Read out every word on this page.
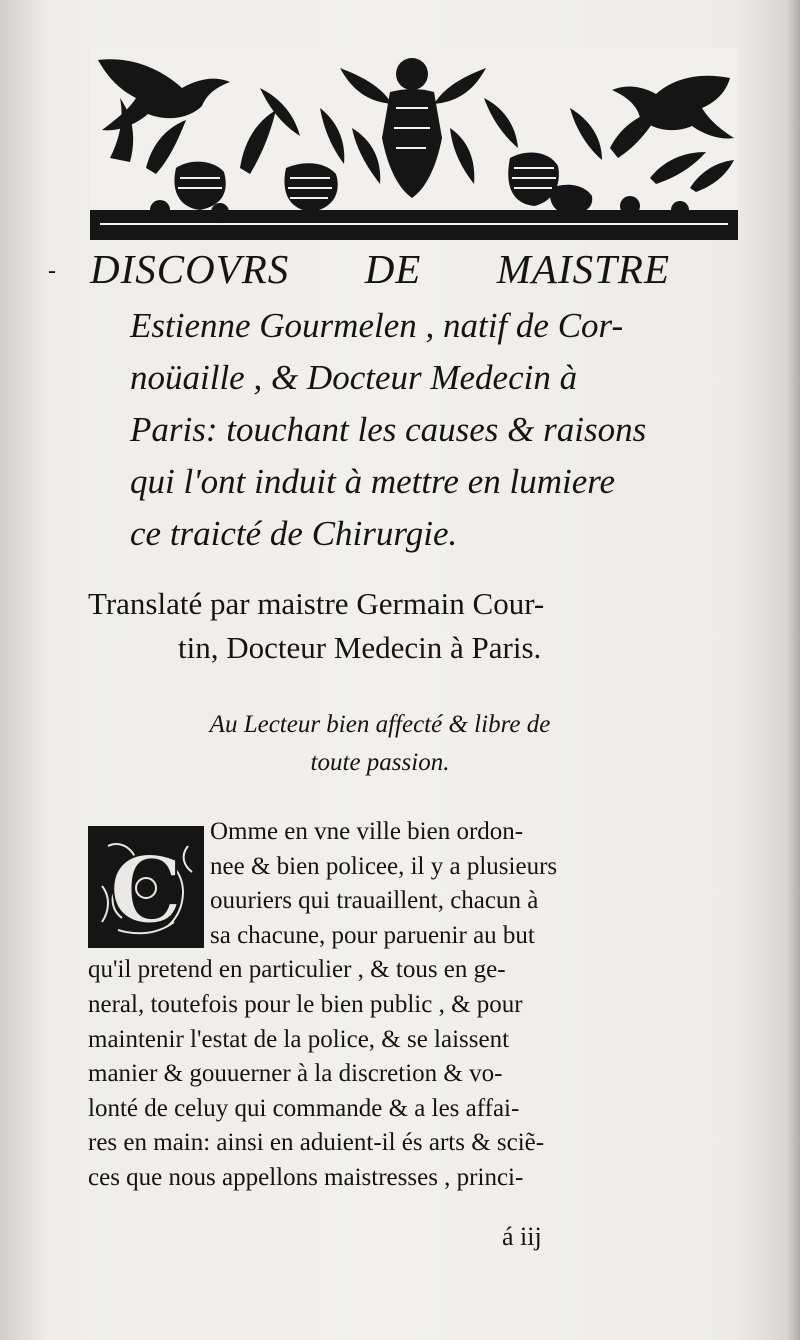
- DISCOVRS DE MAISTRE
Estienne Gourmelen , natif de Cor-
noüaille , & Docteur Medecin à
Paris: touchant les causes & raisons
qui l'ont induit à mettre en lumiere
ce traicté de Chirurgie.
Translaté par maistre Germain Cour-
tin, Docteur Medecin à Paris.
Au Lecteur bien affecté & libre de
toute passion.
C
Omme en vne ville bien ordon-
nee & bien policee, il y a plusieurs
ouuriers qui trauaillent, chacun à
sa chacune, pour paruenir au but
qu'il pretend en particulier , & tous en ge-
neral, toutefois pour le bien public , & pour
maintenir l'estat de la police, & se laissent
manier & gouuerner à la discretion & vo-
lonté de celuy qui commande & a les affai-
res en main: ainsi en aduient-il és arts & sciẽ-
ces que nous appellons maistresses , princi-
á iij
